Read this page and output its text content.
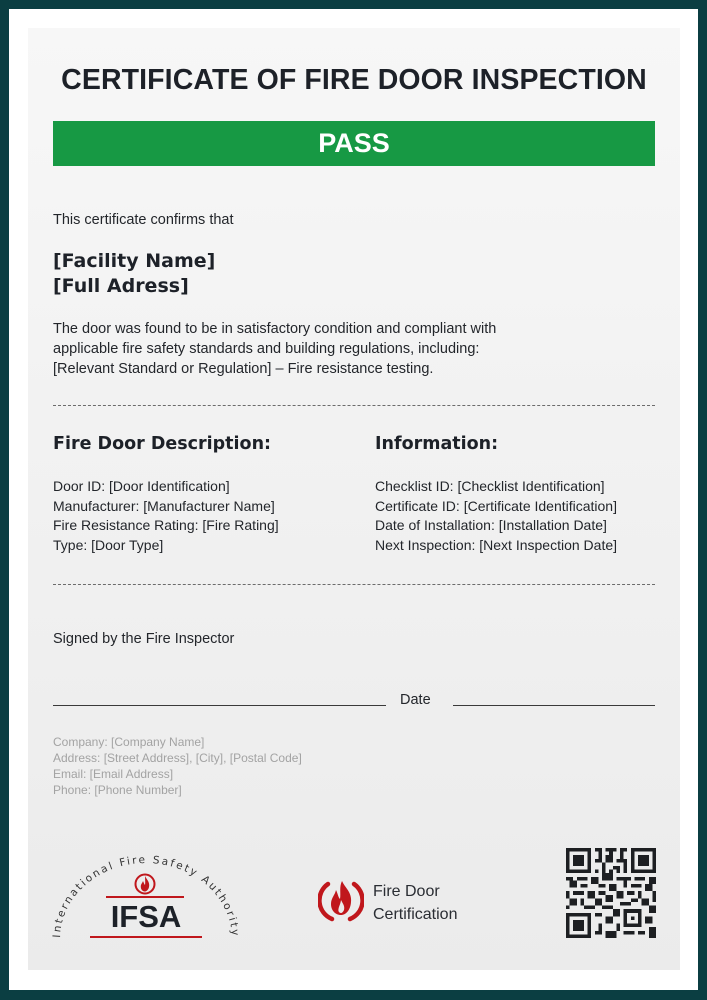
CERTIFICATE OF FIRE DOOR INSPECTION
PASS
This certificate confirms that
[Facility Name]
[Full Adress]
The door was found to be in satisfactory condition and compliant with
applicable fire safety standards and building regulations, including:
[Relevant Standard or Regulation] – Fire resistance testing.
Fire Door Description:
Door ID: [Door Identification]
Manufacturer: [Manufacturer Name]
Fire Resistance Rating: [Fire Rating]
Type: [Door Type]
Information:
Checklist ID: [Checklist Identification]
Certificate ID: [Certificate Identification]
Date of Installation: [Installation Date]
Next Inspection: [Next Inspection Date]
Signed by the Fire Inspector
Date
Company: [Company Name]
Address: [Street Address], [City], [Postal Code]
Email: [Email Address]
Phone: [Phone Number]
International Fire Safety Authority
IFSA
Fire Door
Certification
